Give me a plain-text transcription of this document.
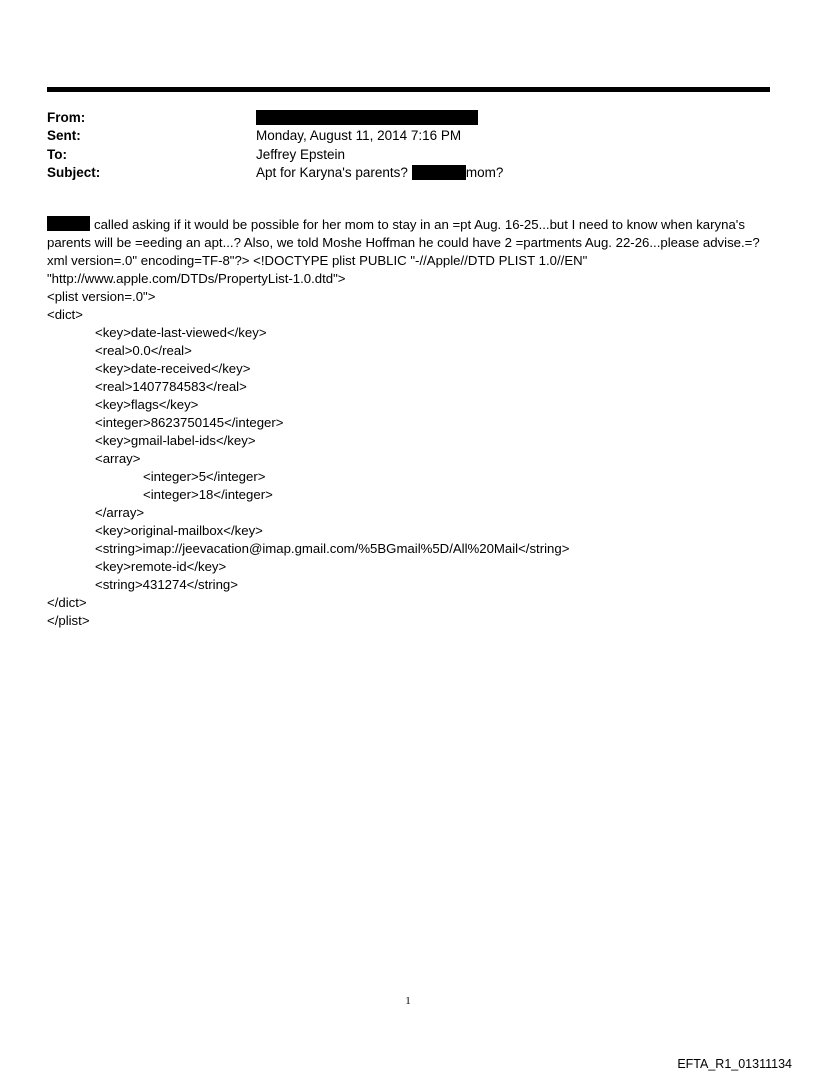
From:
Sent:	Monday, August 11, 2014 7:16 PM
To:	Jeffrey Epstein
Subject:	Apt for Karyna's parents?	mom?

called asking if it would be possible for her mom to stay in an =pt Aug. 16-25...but I need to know when karyna's parents will be =eeding an apt...? Also, we told Moshe Hoffman he could have 2 =partments Aug. 22-26...please advise.=?xml version=.0" encoding=TF-8"?> <!DOCTYPE plist PUBLIC "-//Apple//DTD PLIST 1.0//EN" "http://www.apple.com/DTDs/PropertyList-1.0.dtd">

<plist version=.0">
<dict>
<key>date-last-viewed</key>
<real>0.0</real>
<key>date-received</key>
<real>1407784583</real>
<key>flags</key>
<integer>8623750145</integer>
<key>gmail-label-ids</key>
<array>
<integer>5</integer>
<integer>18</integer>
</array>
<key>original-mailbox</key>
<string>imap://jeevacation@imap.gmail.com/%5BGmail%5D/All%20Mail</string>
<key>remote-id</key>
<string>431274</string>
</dict>
</plist>
1
EFTA_R1_01311134
